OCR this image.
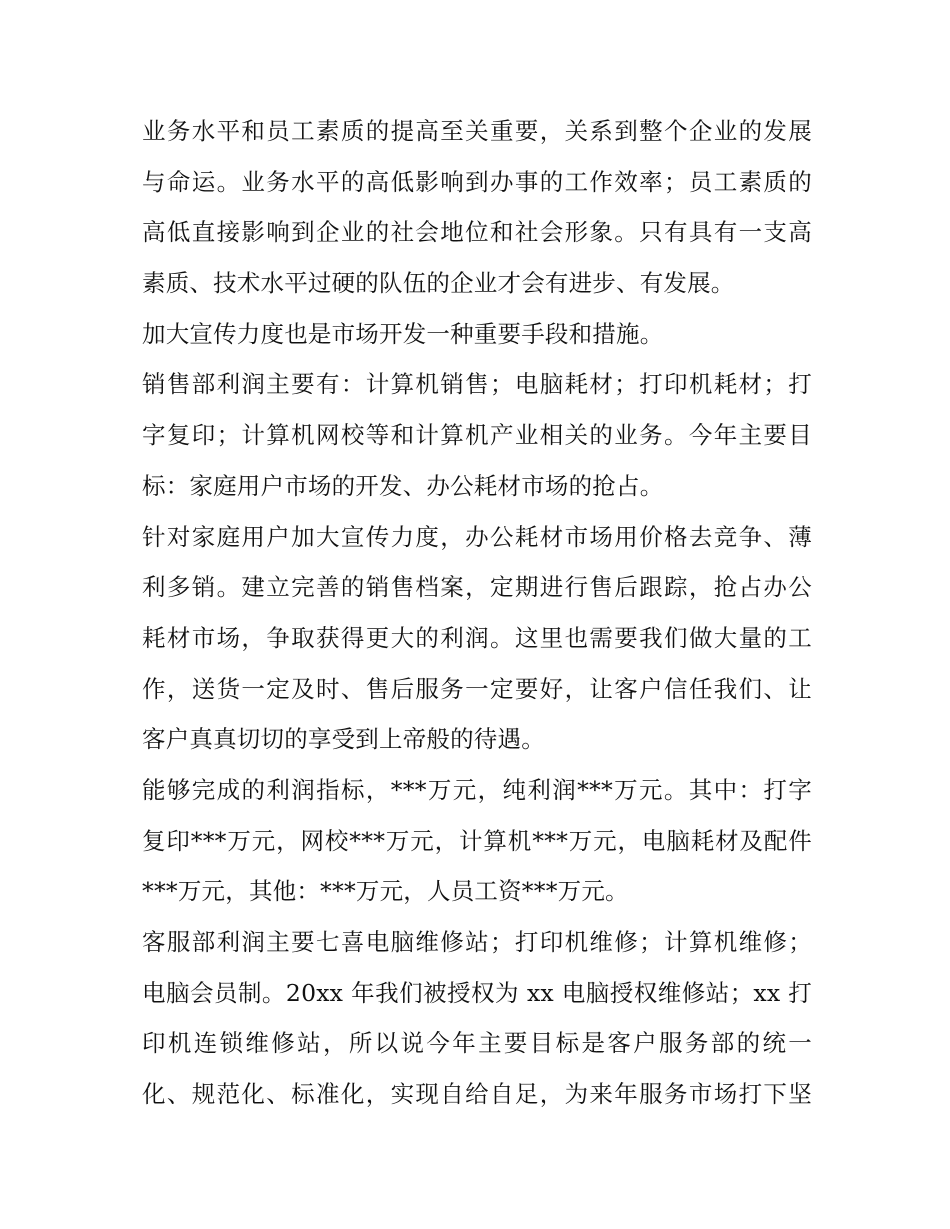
业务水平和员工素质的提高至关重要，关系到整个企业的发展
与命运。业务水平的高低影响到办事的工作效率；员工素质的
高低直接影响到企业的社会地位和社会形象。只有具有一支高
素质、技术水平过硬的队伍的企业才会有进步、有发展。
加大宣传力度也是市场开发一种重要手段和措施。
销售部利润主要有：计算机销售；电脑耗材；打印机耗材；打
字复印；计算机网校等和计算机产业相关的业务。今年主要目
标：家庭用户市场的开发、办公耗材市场的抢占。
针对家庭用户加大宣传力度，办公耗材市场用价格去竞争、薄
利多销。建立完善的销售档案，定期进行售后跟踪，抢占办公
耗材市场，争取获得更大的利润。这里也需要我们做大量的工
作，送货一定及时、售后服务一定要好，让客户信任我们、让
客户真真切切的享受到上帝般的待遇。
能够完成的利润指标，***万元，纯利润***万元。其中：打字
复印***万元，网校***万元，计算机***万元，电脑耗材及配件
***万元，其他：***万元，人员工资***万元。
客服部利润主要七喜电脑维修站；打印机维修；计算机维修；
电脑会员制。20xx 年我们被授权为 xx 电脑授权维修站；xx 打
印机连锁维修站，所以说今年主要目标是客户服务部的统一
化、规范化、标准化，实现自给自足，为来年服务市场打下坚
